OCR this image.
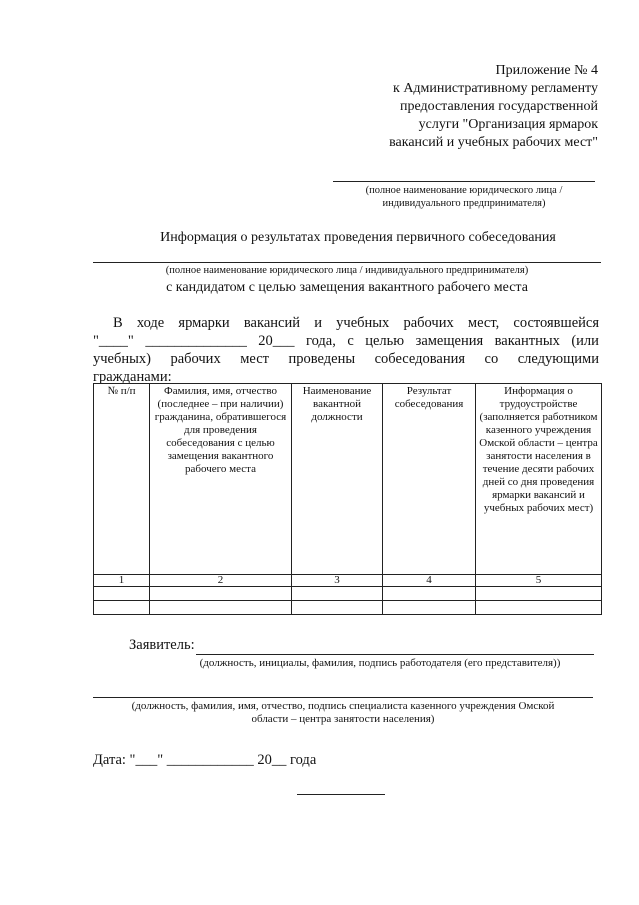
Приложение № 4
к Административному регламенту
предоставления государственной
услуги "Организация ярмарок
вакансий и учебных рабочих мест"
(полное наименование юридического лица /
индивидуального предпринимателя)
Информация о результатах проведения первичного собеседования
(полное наименование юридического лица / индивидуального предпринимателя)
с кандидатом с целью замещения вакантного рабочего места
В ходе ярмарки вакансий и учебных рабочих мест, состоявшейся
"____" ______________ 20___ года, с целью замещения вакантных (или
учебных) рабочих мест проведены собеседования со следующими
гражданами:
№ п/п	Фамилия, имя, отчество (последнее – при наличии) гражданина, обратившегося для проведения собеседования с целью замещения вакантного рабочего места	Наименование вакантной должности	Результат собеседования	Информация о трудоустройстве (заполняется работником казенного учреждения Омской области – центра занятости населения в течение десяти рабочих дней со дня проведения ярмарки вакансий и учебных рабочих мест)
1	2	3	4	5

Заявитель:
(должность, инициалы, фамилия, подпись работодателя (его представителя))
(должность, фамилия, имя, отчество, подпись специалиста казенного учреждения Омской
области – центра занятости населения)
Дата: "___" ____________ 20__ года
